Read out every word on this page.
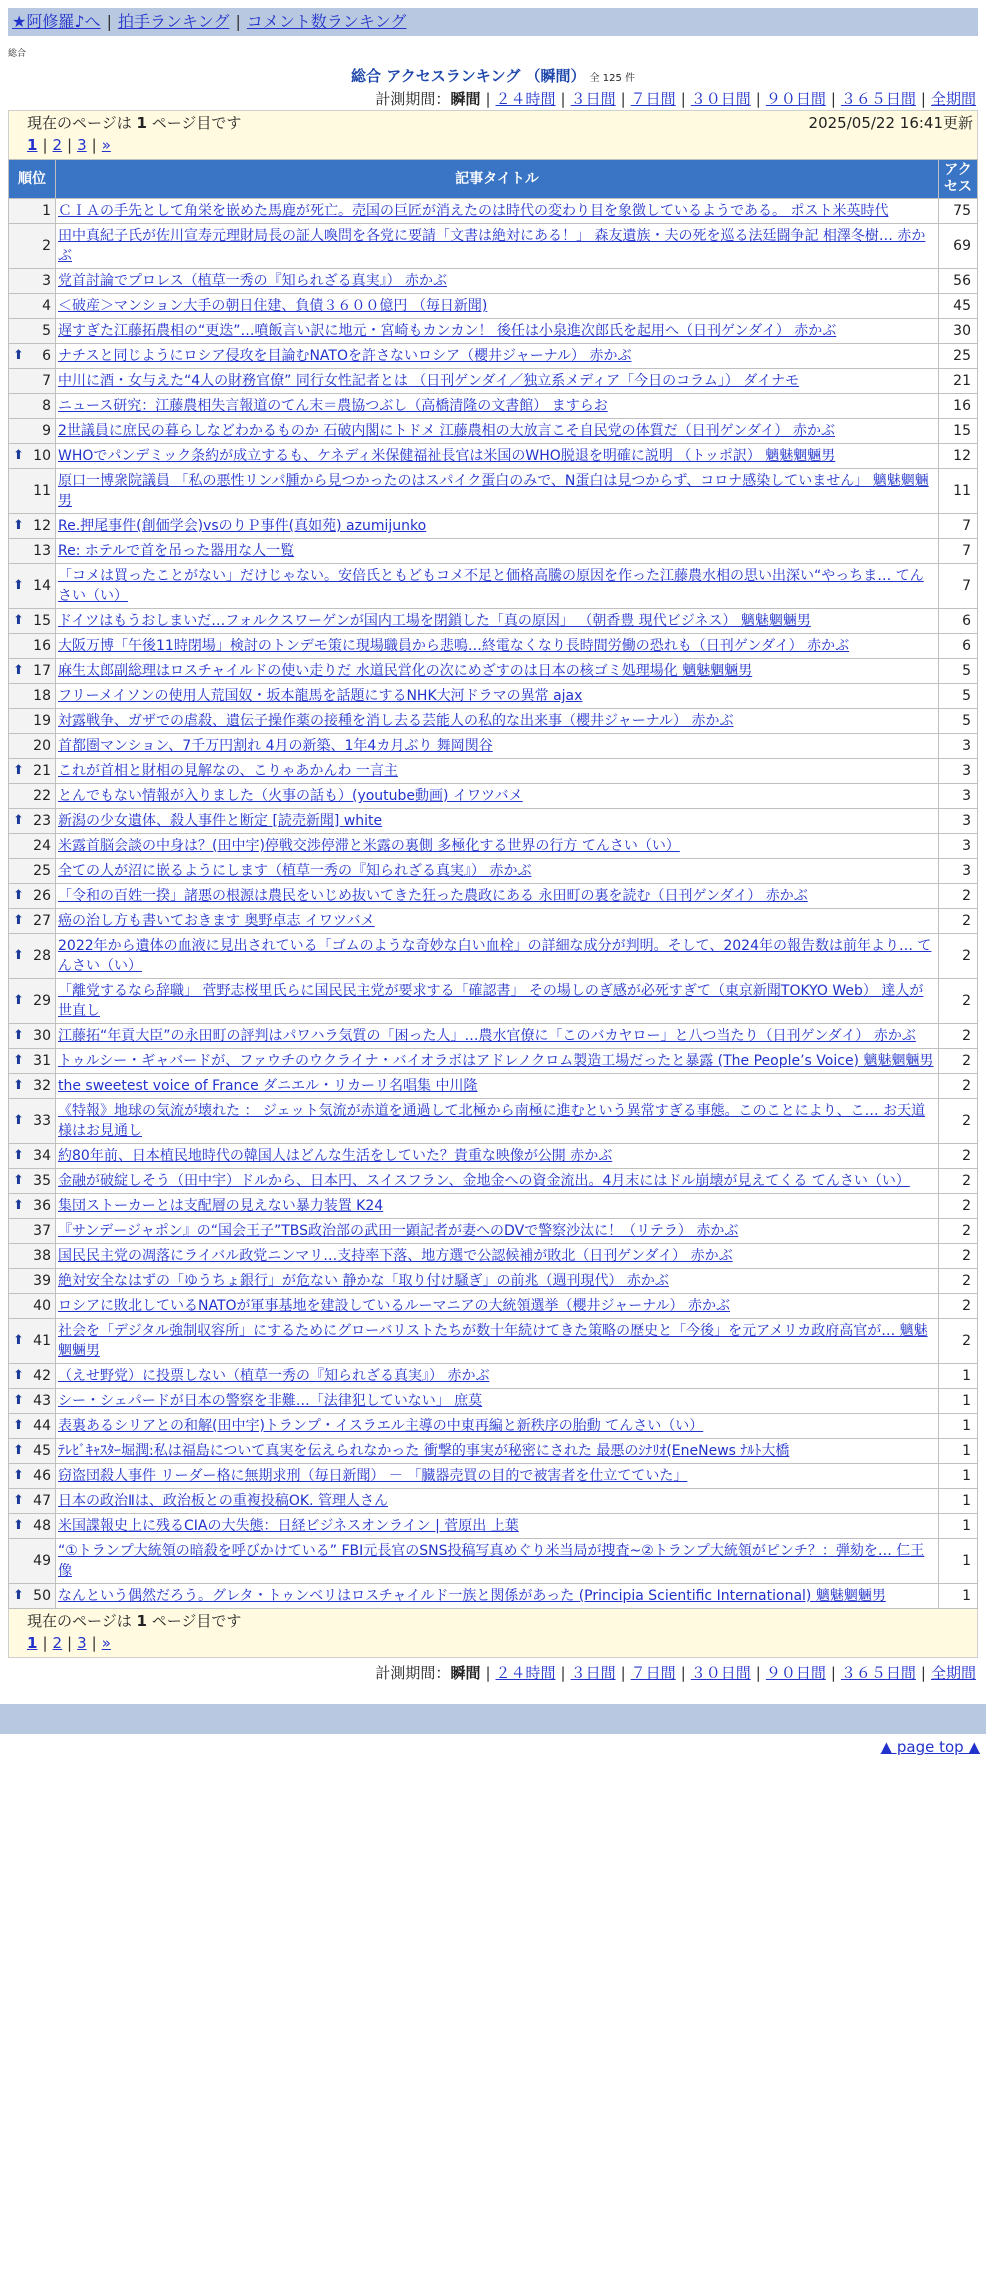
★阿修羅♪へ | 拍手ランキング | コメント数ランキング
総合
総合 アクセスランキング （瞬間） 全 125 件
計測期間：瞬間 | ２４時間 | ３日間 | ７日間 | ３０日間 | ９０日間 | ３６５日間 | 全期間
現在のページは 1 ページ目です	2025/05/22 16:41更新
1 | 2 | 3 | »
順位	記事タイトル	アクセス
1	ＣＩＡの手先として角栄を嵌めた馬鹿が死亡。売国の巨匠が消えたのは時代の変わり目を象徴しているようである。 ポスト米英時代	75
2	田中真紀子氏が佐川宣寿元理財局長の証人喚問を各党に要請「文書は絶対にある！」 森友遺族・夫の死を巡る法廷闘争記 相澤冬樹… 赤かぶ	69
3	党首討論でプロレス（植草一秀の『知られざる真実』） 赤かぶ	56
4	＜破産＞マンション大手の朝日住建、負債３６００億円 （毎日新聞)	45
5	遅すぎた江藤拓農相の“更迭”…噴飯言い訳に地元・宮崎もカンカン！ 後任は小泉進次郎氏を起用へ（日刊ゲンダイ） 赤かぶ	30

⬆ 6	ナチスと同じようにロシア侵攻を目論むNATOを許さないロシア（櫻井ジャーナル） 赤かぶ	25
7	中川に酒・女与えた“4人の財務官僚” 同行女性記者とは （日刊ゲンダイ／独立系メディア「今日のコラム」） ダイナモ	21
8	ニュース研究：江藤農相失言報道のてん末＝農協つぶし（高橋清隆の文書館） ますらお	16
9	2世議員に庶民の暮らしなどわかるものか 石破内閣にトドメ 江藤農相の大放言こそ自民党の体質だ（日刊ゲンダイ） 赤かぶ	15

⬆ 10	WHOでパンデミック条約が成立するも、ケネディ米保健福祉長官は米国のWHO脱退を明確に説明 （トッポ訳） 魑魅魍魎男	12
11	原口一博衆院議員 「私の悪性リンパ腫から見つかったのはスパイク蛋白のみで、N蛋白は見つからず、コロナ感染していません」 魑魅魍魎男	11

⬆ 12	Re.押尾事件(創価学会)vsのりＰ事件(真如苑) azumijunko	7
13	Re: ホテルで首を吊った器用な人一覧	7

⬆ 14	「コメは買ったことがない」だけじゃない。安倍氏ともどもコメ不足と価格高騰の原因を作った江藤農水相の思い出深い“やっちま… てんさい（い）	7

⬆ 15	ドイツはもうおしまいだ…フォルクスワーゲンが国内工場を閉鎖した「真の原因」 （朝香豊 現代ビジネス） 魑魅魍魎男	6
16	大阪万博「午後11時閉場」検討のトンデモ策に現場職員から悲鳴…終電なくなり長時間労働の恐れも（日刊ゲンダイ） 赤かぶ	6

⬆ 17	麻生太郎副総理はロスチャイルドの使い走りだ 水道民営化の次にめざすのは日本の核ゴミ処理場化 魑魅魍魎男	5
18	フリーメイソンの使用人荒国奴・坂本龍馬を話題にするNHK大河ドラマの異常 ajax	5
19	対露戦争、ガザでの虐殺、遺伝子操作薬の接種を消し去る芸能人の私的な出来事（櫻井ジャーナル） 赤かぶ	5
20	首都圏マンション、7千万円割れ 4月の新築、1年4カ月ぶり 舞岡関谷	3

⬆ 21	これが首相と財相の見解なの、こりゃあかんわ 一言主	3
22	とんでもない情報が入りました（火事の話も）(youtube動画) イワツバメ	3

⬆ 23	新潟の少女遺体、殺人事件と断定 [読売新聞] white	3
24	米露首脳会談の中身は？(田中宇)停戦交渉停滞と米露の裏側 多極化する世界の行方 てんさい（い）	3
25	全ての人が沼に嵌るようにします（植草一秀の『知られざる真実』） 赤かぶ	3

⬆ 26	「令和の百姓一揆」諸悪の根源は農民をいじめ抜いてきた狂った農政にある 永田町の裏を読む（日刊ゲンダイ） 赤かぶ	2

⬆ 27	癌の治し方も書いておきます 奥野卓志 イワツバメ	2

⬆ 28	2022年から遺体の血液に見出されている「ゴムのような奇妙な白い血栓」の詳細な成分が判明。そして、2024年の報告数は前年より… てんさい（い）	2

⬆ 29	「離党するなら辞職」 菅野志桜里氏らに国民民主党が要求する「確認書」 その場しのぎ感が必死すぎて（東京新聞TOKYO Web） 達人が世直し	2

⬆ 30	江藤拓“年貢大臣”の永田町の評判はパワハラ気質の「困った人」…農水官僚に「このバカヤロー」と八つ当たり（日刊ゲンダイ） 赤かぶ	2

⬆ 31	トゥルシー・ギャバードが、ファウチのウクライナ・バイオラボはアドレノクロム製造工場だったと暴露 (The People’s Voice) 魑魅魍魎男	2

⬆ 32	the sweetest voice of France ダニエル・リカーリ名唱集 中川隆	2

⬆ 33	《特報》地球の気流が壊れた ： ジェット気流が赤道を通過して北極から南極に進むという異常すぎる事態。このことにより、こ… お天道様はお見通し	2

⬆ 34	約80年前、日本植民地時代の韓国人はどんな生活をしていた？貴重な映像が公開 赤かぶ	2

⬆ 35	金融が破綻しそう（田中宇）ドルから、日本円、スイスフラン、金地金への資金流出。4月末にはドル崩壊が見えてくる てんさい（い）	2

⬆ 36	集団ストーカーとは支配層の見えない暴力装置 K24	2
37	『サンデージャポン』の“国会王子”TBS政治部の武田一顕記者が妻へのDVで警察沙汰に！（リテラ） 赤かぶ	2
38	国民民主党の凋落にライバル政党ニンマリ…支持率下落、地方選で公認候補が敗北（日刊ゲンダイ） 赤かぶ	2
39	絶対安全なはずの「ゆうちょ銀行」が危ない 静かな「取り付け騒ぎ」の前兆（週刊現代） 赤かぶ	2
40	ロシアに敗北しているNATOが軍事基地を建設しているルーマニアの大統領選挙（櫻井ジャーナル） 赤かぶ	2

⬆ 41	社会を「デジタル強制収容所」にするためにグローバリストたちが数十年続けてきた策略の歴史と「今後」を元アメリカ政府高官が… 魑魅魍魎男	2

⬆ 42	（えせ野党）に投票しない（植草一秀の『知られざる真実』） 赤かぶ	1

⬆ 43	シー・シェパードが日本の警察を非難…「法律犯していない」 庶莫	1

⬆ 44	表裏あるシリアとの和解(田中宇)トランプ・イスラエル主導の中東再編と新秩序の胎動 てんさい（い）	1

⬆ 45	ﾃﾚﾋﾞｷｬｽﾀｰ堀潤:私は福島について真実を伝えられなかった 衝撃的事実が秘密にされた 最悪のｼﾅﾘｵ(EneNews ﾅﾙﾄ大橋	1

⬆ 46	窃盗団殺人事件 リーダー格に無期求刑（毎日新聞） － 「臓器売買の目的で被害者を仕立てていた」	1

⬆ 47	日本の政治Ⅱは、政治板との重複投稿OK. 管理人さん	1

⬆ 48	米国諜報史上に残るCIAの大失態：日経ビジネスオンライン | 菅原出 上葉	1
49	“①トランプ大統領の暗殺を呼びかけている” FBI元長官のSNS投稿写真めぐり米当局が捜査~②トランプ大統領がピンチ？：弾劾を… 仁王像	1

⬆ 50	なんという偶然だろう。グレタ・トゥンベリはロスチャイルド一族と関係があった (Principia Scientific International) 魑魅魍魎男	1
現在のページは 1 ページ目です
1 | 2 | 3 | »
計測期間：瞬間 | ２４時間 | ３日間 | ７日間 | ３０日間 | ９０日間 | ３６５日間 | 全期間
▲ page top ▲
